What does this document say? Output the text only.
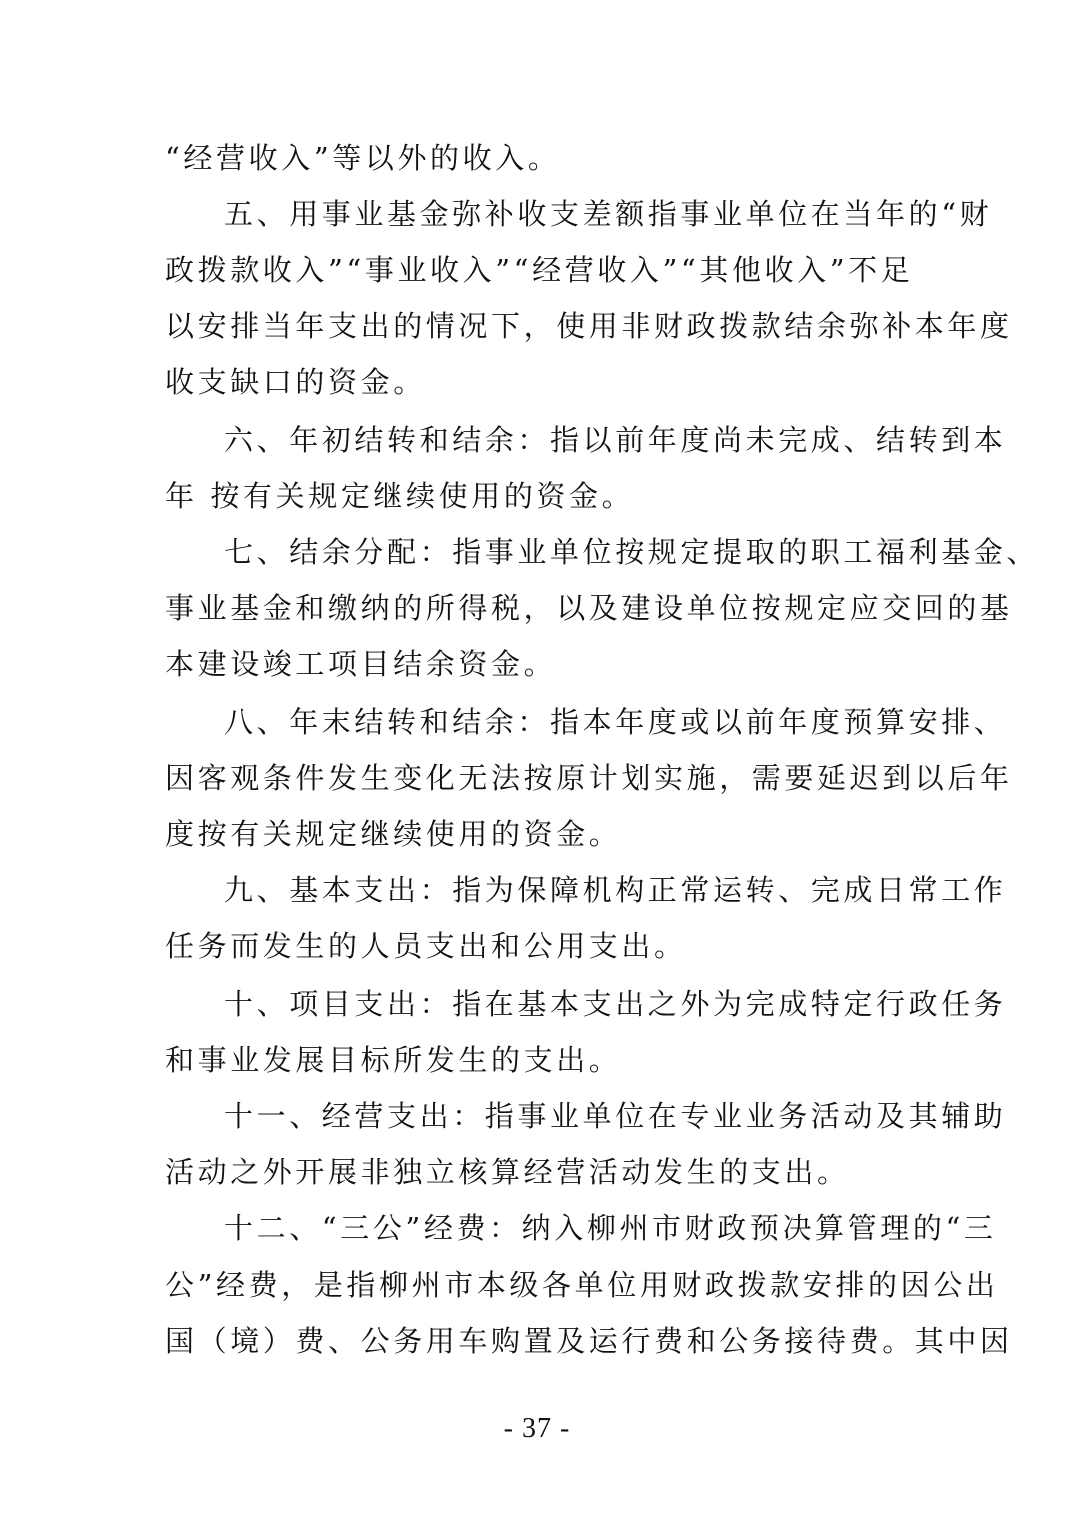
“经营收入”等以外的收入。
五、用事业基金弥补收支差额指事业单位在当年的“财
政拨款收入”“事业收入”“经营收入”“其他收入”不足
以安排当年支出的情况下，使用非财政拨款结余弥补本年度
收支缺口的资金。
六、年初结转和结余：指以前年度尚未完成、结转到本
年 按有关规定继续使用的资金。
七、结余分配：指事业单位按规定提取的职工福利基金、
事业基金和缴纳的所得税，以及建设单位按规定应交回的基
本建设竣工项目结余资金。
八、年末结转和结余：指本年度或以前年度预算安排、
因客观条件发生变化无法按原计划实施，需要延迟到以后年
度按有关规定继续使用的资金。
九、基本支出：指为保障机构正常运转、完成日常工作
任务而发生的人员支出和公用支出。
十、项目支出：指在基本支出之外为完成特定行政任务
和事业发展目标所发生的支出。
十一、经营支出：指事业单位在专业业务活动及其辅助
活动之外开展非独立核算经营活动发生的支出。
十二、“三公”经费：纳入柳州市财政预决算管理的“三
公”经费，是指柳州市本级各单位用财政拨款安排的因公出
国（境）费、公务用车购置及运行费和公务接待费。其中因
- 37 -
